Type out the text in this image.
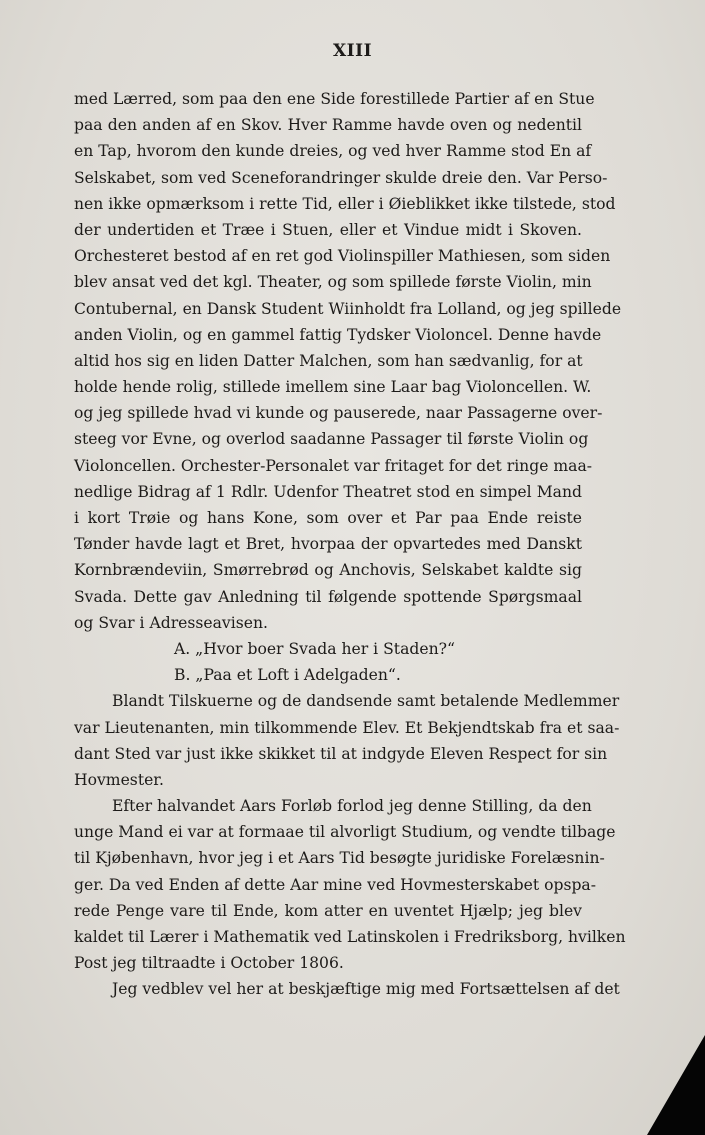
XIII
med Lærred, som paa den ene Side forestillede Partier af en Stue
paa den anden af en Skov. Hver Ramme havde oven og nedentil
en Tap, hvorom den kunde dreies, og ved hver Ramme stod En af
Selskabet, som ved Sceneforandringer skulde dreie den. Var Perso-
nen ikke opmærksom i rette Tid, eller i Øieblikket ikke tilstede, stod
der undertiden et Træe i Stuen, eller et Vindue midt i Skoven.
Orchesteret bestod af en ret god Violinspiller Mathiesen, som siden
blev ansat ved det kgl. Theater, og som spillede første Violin, min
Contubernal, en Dansk Student Wiinholdt fra Lolland, og jeg spillede
anden Violin, og en gammel fattig Tydsker Violoncel. Denne havde
altid hos sig en liden Datter Malchen, som han sædvanlig, for at
holde hende rolig, stillede imellem sine Laar bag Violoncellen. W.
og jeg spillede hvad vi kunde og pauserede, naar Passagerne over-
steeg vor Evne, og overlod saadanne Passager til første Violin og
Violoncellen. Orchester-Personalet var fritaget for det ringe maa-
nedlige Bidrag af 1 Rdlr. Udenfor Theatret stod en simpel Mand
i kort Trøie og hans Kone, som over et Par paa Ende reiste
Tønder havde lagt et Bret, hvorpaa der opvartedes med Danskt
Kornbrændeviin, Smørrebrød og Anchovis, Selskabet kaldte sig
Svada. Dette gav Anledning til følgende spottende Spørgsmaal
og Svar i Adresseavisen.
A. „Hvor boer Svada her i Staden?“
B. „Paa et Loft i Adelgaden“.
Blandt Tilskuerne og de dandsende samt betalende Medlemmer
var Lieutenanten, min tilkommende Elev. Et Bekjendtskab fra et saa-
dant Sted var just ikke skikket til at indgyde Eleven Respect for sin
Hovmester.
Efter halvandet Aars Forløb forlod jeg denne Stilling, da den
unge Mand ei var at formaae til alvorligt Studium, og vendte tilbage
til Kjøbenhavn, hvor jeg i et Aars Tid besøgte juridiske Forelæsnin-
ger. Da ved Enden af dette Aar mine ved Hovmesterskabet opspa-
rede Penge vare til Ende, kom atter en uventet Hjælp; jeg blev
kaldet til Lærer i Mathematik ved Latinskolen i Fredriksborg, hvilken
Post jeg tiltraadte i October 1806.
Jeg vedblev vel her at beskjæftige mig med Fortsættelsen af det
